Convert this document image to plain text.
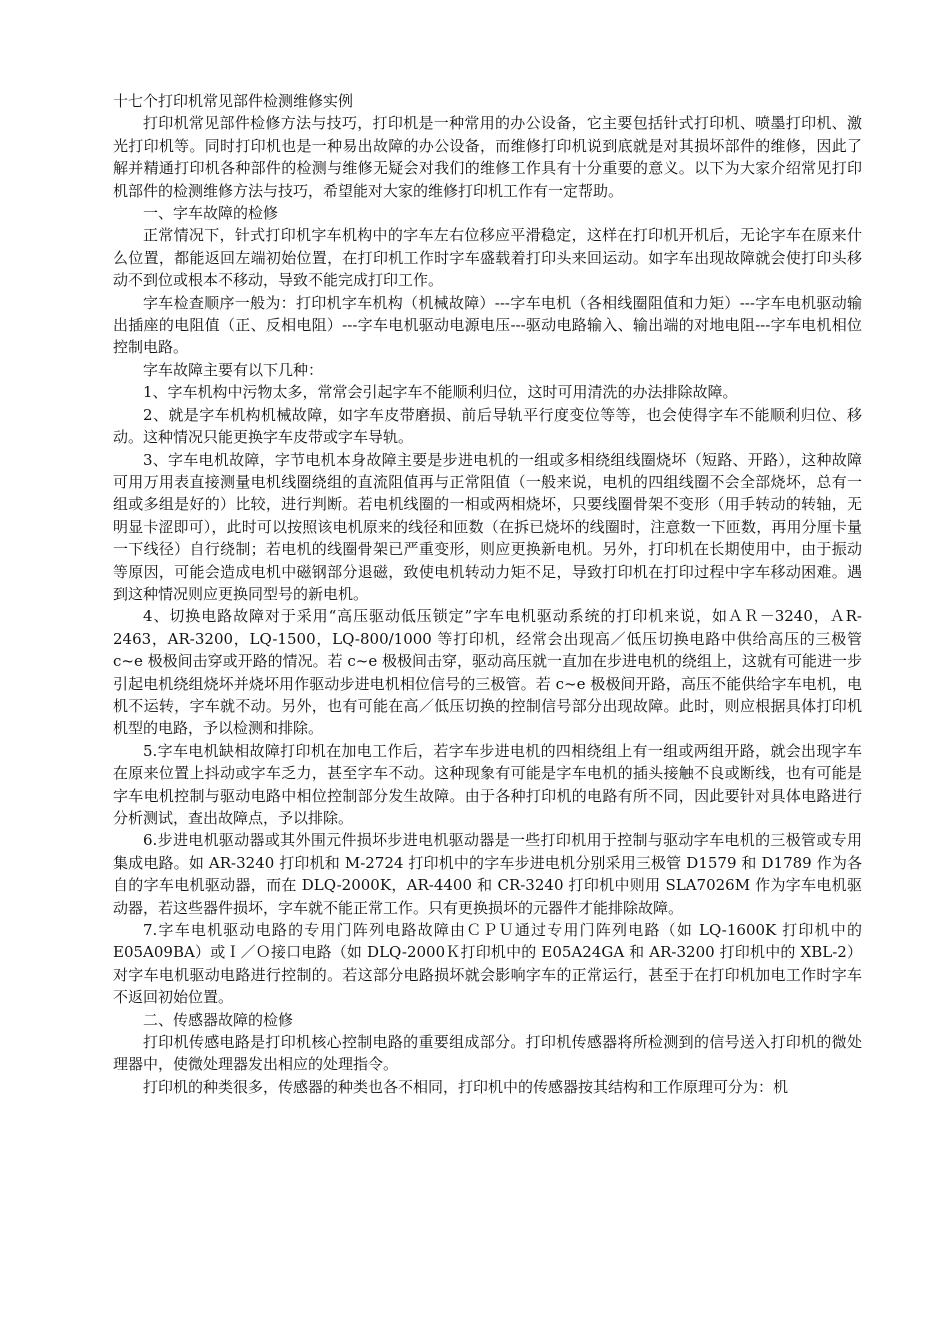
十七个打印机常见部件检测维修实例

打印机常见部件检修方法与技巧，打印机是一种常用的办公设备，它主要包括针式打印机、喷墨打印机、激光打印机等。同时打印机也是一种易出故障的办公设备，而维修打印机说到底就是对其损坏部件的维修，因此了解并精通打印机各种部件的检测与维修无疑会对我们的维修工作具有十分重要的意义。以下为大家介绍常见打印机部件的检测维修方法与技巧，希望能对大家的维修打印机工作有一定帮助。

一、字车故障的检修

正常情况下，针式打印机字车机构中的字车左右位移应平滑稳定，这样在打印机开机后，无论字车在原来什么位置，都能返回左端初始位置，在打印机工作时字车盛载着打印头来回运动。如字车出现故障就会使打印头移动不到位或根本不移动，导致不能完成打印工作。

字车检查顺序一般为：打印机字车机构（机械故障）---字车电机（各相线圈阻值和力矩）---字车电机驱动输出插座的电阻值（正、反相电阻）---字车电机驱动电源电压---驱动电路输入、输出端的对地电阻---字车电机相位控制电路。

字车故障主要有以下几种：

1、字车机构中污物太多，常常会引起字车不能顺利归位，这时可用清洗的办法排除故障。

2、就是字车机构机械故障，如字车皮带磨损、前后导轨平行度变位等等，也会使得字车不能顺利归位、移动。这种情况只能更换字车皮带或字车导轨。

3、字车电机故障，字节电机本身故障主要是步进电机的一组或多相绕组线圈烧坏（短路、开路），这种故障可用万用表直接测量电机线圈绕组的直流阻值再与正常阻值（一般来说，电机的四组线圈不会全部烧坏，总有一组或多组是好的）比较，进行判断。若电机线圈的一相或两相烧坏，只要线圈骨架不变形（用手转动的转轴，无明显卡涩即可），此时可以按照该电机原来的线径和匝数（在拆已烧坏的线圈时，注意数一下匝数，再用分厘卡量一下线径）自行绕制；若电机的线圈骨架已严重变形，则应更换新电机。另外，打印机在长期使用中，由于振动等原因，可能会造成电机中磁钢部分退磁，致使电机转动力矩不足，导致打印机在打印过程中字车移动困难。遇到这种情况则应更换同型号的新电机。

4、切换电路故障对于采用“高压驱动低压锁定”字车电机驱动系统的打印机来说，如ＡＲ－3240，ＡR-2463，AR-3200，LQ-1500，LQ-800/1000 等打印机，经常会出现高／低压切换电路中供给高压的三极管 c~e 极极间击穿或开路的情况。若 c~e 极极间击穿，驱动高压就一直加在步进电机的绕组上，这就有可能进一步引起电机绕组烧坏并烧坏用作驱动步进电机相位信号的三极管。若 c~e 极极间开路，高压不能供给字车电机，电机不运转，字车就不动。另外，也有可能在高／低压切换的控制信号部分出现故障。此时，则应根据具体打印机机型的电路，予以检测和排除。

5.字车电机缺相故障打印机在加电工作后，若字车步进电机的四相绕组上有一组或两组开路，就会出现字车在原来位置上抖动或字车乏力，甚至字车不动。这种现象有可能是字车电机的插头接触不良或断线，也有可能是字车电机控制与驱动电路中相位控制部分发生故障。由于各种打印机的电路有所不同，因此要针对具体电路进行分析测试，查出故障点，予以排除。

6.步进电机驱动器或其外围元件损坏步进电机驱动器是一些打印机用于控制与驱动字车电机的三极管或专用集成电路。如 AR-3240 打印机和 M-2724 打印机中的字车步进电机分别采用三极管 D1579 和 D1789 作为各自的字车电机驱动器，而在 DLQ-2000K，AR-4400 和 CR-3240 打印机中则用 SLA7026M 作为字车电机驱动器，若这些器件损坏，字车就不能正常工作。只有更换损坏的元器件才能排除故障。

7.字车电机驱动电路的专用门阵列电路故障由ＣＰＵ通过专用门阵列电路（如 LQ-1600K 打印机中的 E05A09BA）或Ｉ／Ｏ接口电路（如 DLQ-2000Ｋ打印机中的 E05A24GA 和 AR-3200 打印机中的 XBL-2）对字车电机驱动电路进行控制的。若这部分电路损坏就会影响字车的正常运行，甚至于在打印机加电工作时字车不返回初始位置。

二、传感器故障的检修

打印机传感电路是打印机核心控制电路的重要组成部分。打印机传感器将所检测到的信号送入打印机的微处理器中，使微处理器发出相应的处理指令。

打印机的种类很多，传感器的种类也各不相同，打印机中的传感器按其结构和工作原理可分为：机
